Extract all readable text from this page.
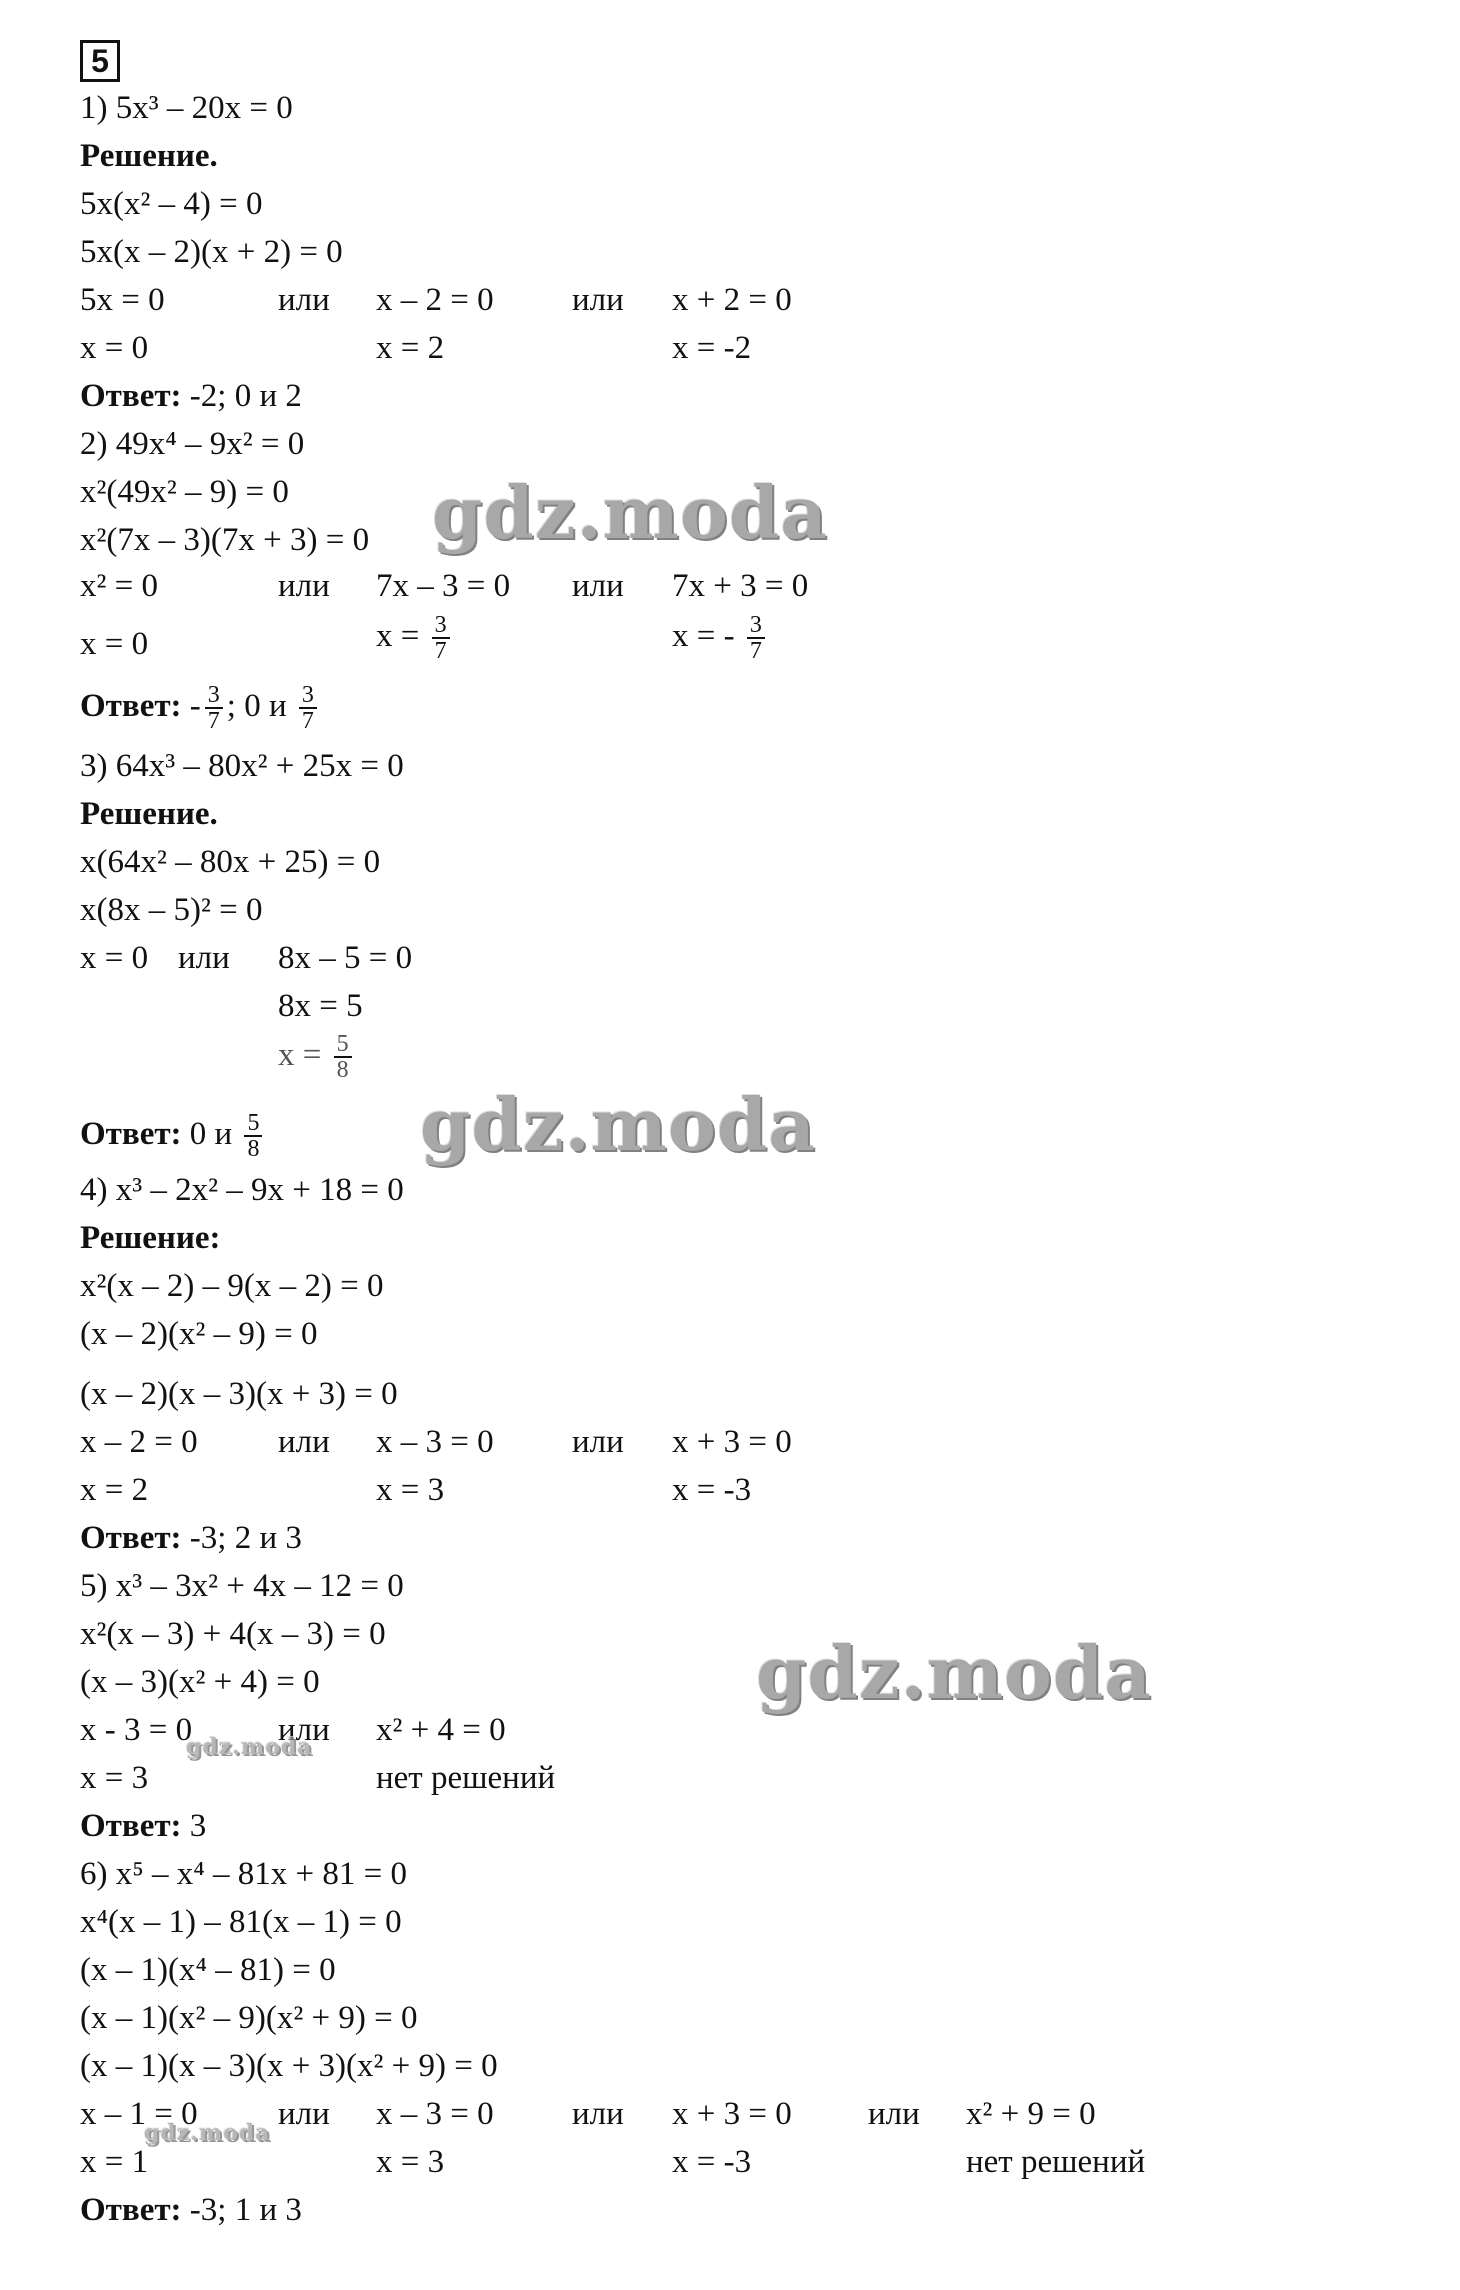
5
1) 5x³ – 20x = 0
Решение.
5x(x² – 4) = 0
5x(x – 2)(x + 2) = 0
5x = 0	или x – 2 = 0 или x + 2 = 0
x = 0	x = 2	x = -2
Ответ: -2; 0 и 2
2) 49x⁴ – 9x² = 0
x²(49x² – 9) = 0
x²(7x – 3)(7x + 3) = 0
x² = 0	или 7x – 3 = 0 или 7x + 3 = 0
x = 0	$x = \frac{3}{7}$	x = - $\frac{3}{7}$
Ответ: - $\frac{3}{7}$ ; 0 и $\frac{3}{7}$
3) 64x³ – 80x² + 25x = 0
Решение.
x(64x² – 80x + 25) = 0
x(8x – 5)² = 0
x = 0 или 8x – 5 = 0
8x = 5
$x = \frac{5}{8}$
Ответ: 0 и $\frac{5}{8}$
4) x³ – 2x² – 9x + 18 = 0
Решение:
x²(x – 2) – 9(x – 2) = 0
(x – 2)(x² – 9) = 0
(x – 2)(x – 3)(x + 3) = 0
x – 2 = 0 или x – 3 = 0 или x + 3 = 0
x = 2	x = 3	x = -3
Ответ: -3; 2 и 3
5) x³ – 3x² + 4x – 12 = 0
x²(x – 3) + 4(x – 3) = 0
(x – 3)(x² + 4) = 0
x - 3 = 0	или x² + 4 = 0
x = 3	нет решений
Ответ: 3
6) x⁵ – x⁴ – 81x + 81 = 0
x⁴(x – 1) – 81(x – 1) = 0
(x – 1)(x⁴ – 81) = 0
(x – 1)(x² – 9)(x² + 9) = 0
(x – 1)(x – 3)(x + 3)(x² + 9) = 0
x – 1 = 0 или x – 3 = 0 или x + 3 = 0 или x² + 9 = 0
x = 1	x = 3	x = -3	нет решений
Ответ: -3; 1 и 3
gdz.moda
gdz.moda
gdz.moda
gdz.moda
gdz.moda
